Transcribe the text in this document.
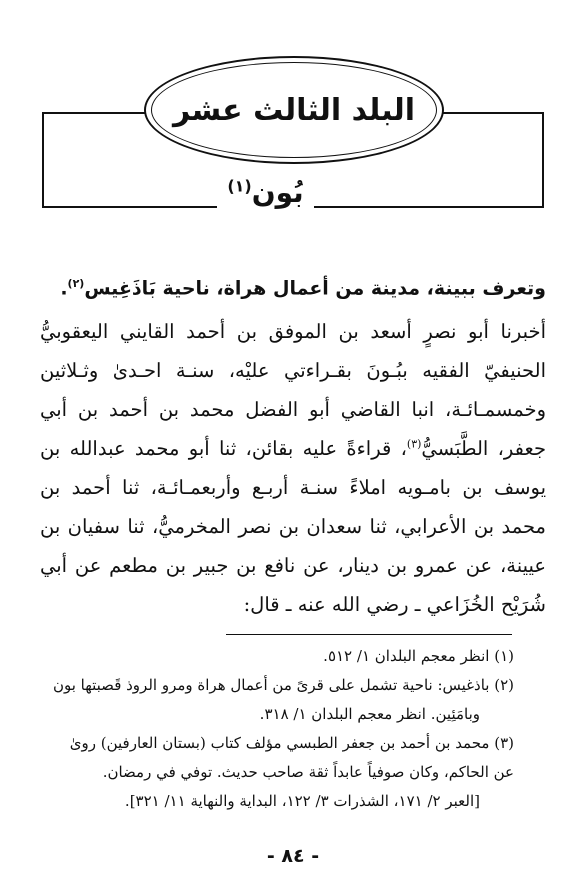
البلد الثالث عشر
بُون$^{(١)}$
وتعرف ببينة، مدينة من أعمال هراة، ناحية بَاذَغِيس$^{(٢)}$.
أخبرنا أبو نصرٍ أسعد بن الموفق بن أحمد القايني اليعقوبيُّ
الحنيفيّ الفقيه ببُـونَ بقـراءتي عليْه، سنـة احـدىٰ وثـلاثين
وخمسمـائـة، انبا القاضي أبو الفضل محمد بن أحمد بن أبي
جعفر، الطَّبَسيُّ$^{(٣)}$، قراءةً عليه بقائن، ثنا أبو محمد عبدالله بن
يوسف بن بامـويه املاءً سنـة أربـع وأربعمـائـة، ثنا أحمد بن
محمد بن الأعرابي، ثنا سعدان بن نصر المخرميُّ، ثنا سفيان بن
عيينة، عن عمرو بن دينار، عن نافع بن جبير بن مطعم عن أبي
شُرَيْح الخُزَاعي ـ رضي الله عنه ـ قال:
(١) انظر معجم البلدان ١/ ٥١٢.
(٢) باذغيس: ناحية تشمل على قرىً من أعمال هراة ومرو الروذ قَصبتها بون
وبامَئِين. انظر معجم البلدان ١/ ٣١٨.
(٣) محمد بن أحمد بن جعفر الطبسي مؤلف كتاب (بستان العارفين) روىٰ
عن الحاكم، وكان صوفياً عابداً ثقة صاحب حديث. توفي في رمضان.
[العبر ٢/ ١٧١، الشذرات ٣/ ١٢٢، البداية والنهاية ١١/ ٣٢١].
- ٨٤ -
